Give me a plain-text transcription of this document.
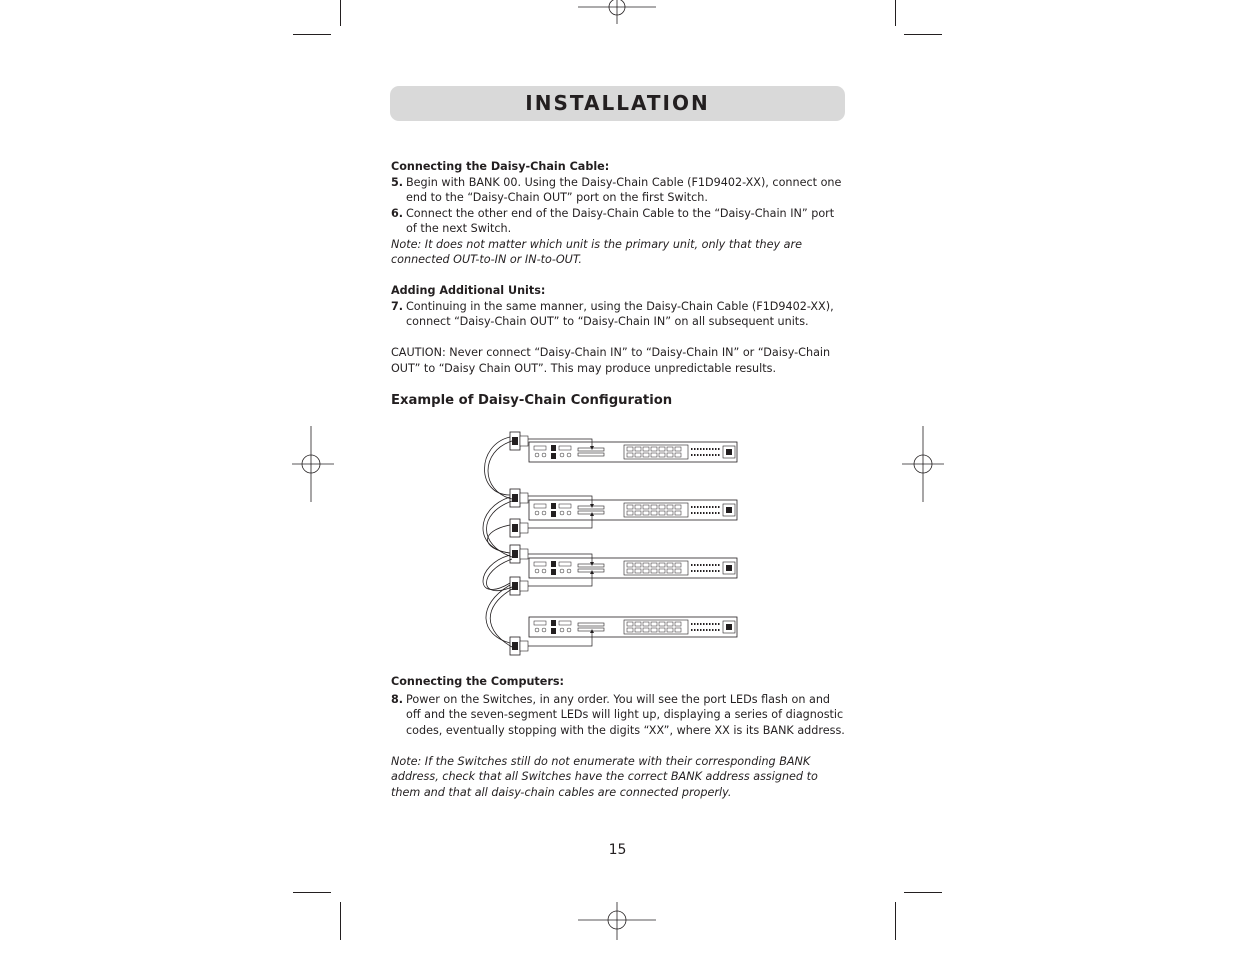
INSTALLATION

Connecting the Daisy-Chain Cable:

5. Begin with BANK 00. Using the Daisy-Chain Cable (F1D9402-XX), connect one end to the “Daisy-Chain OUT” port on the first Switch.
6. Connect the other end of the Daisy-Chain Cable to the “Daisy-Chain IN” port of the next Switch.

Note: It does not matter which unit is the primary unit, only that they are connected OUT-to-IN or IN-to-OUT.

Adding Additional Units:

7. Continuing in the same manner, using the Daisy-Chain Cable (F1D9402-XX), connect “Daisy-Chain OUT” to “Daisy-Chain IN” on all subsequent units.

CAUTION: Never connect “Daisy-Chain IN” to “Daisy-Chain IN” or “Daisy-Chain OUT” to “Daisy Chain OUT”. This may produce unpredictable results.

Example of Daisy-Chain Configuration

Connecting the Computers:

8. Power on the Switches, in any order. You will see the port LEDs flash on and off and the seven-segment LEDs will light up, displaying a series of diagnostic codes, eventually stopping with the digits “XX”, where XX is its BANK address.

Note: If the Switches still do not enumerate with their corresponding BANK address, check that all Switches have the correct BANK address assigned to them and that all daisy-chain cables are connected properly.

15
